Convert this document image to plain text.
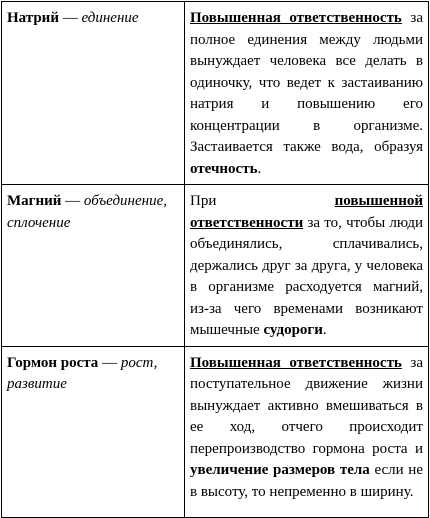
Натрий — единение	Повышенная ответственность за полное единения между людьми вынуждает человека все делать в одиночку, что ведет к застаиванию натрия и повышению его концентрации в организме. Застаивается также вода, образуя отечность.
Магний — объединение, сплочение	При повышенной ответственности за то, чтобы люди объединялись, сплачивались, держались друг за друга, у человека в организме расходуется магний, из-за чего временами возникают мышечные судороги.
Гормон роста — рост, развитие	Повышенная ответственность за поступательное движение жизни вынуждает активно вмешиваться в ее ход, отчего происходит перепроизводство гормона роста и увеличение размеров тела если не в высоту, то непременно в ширину.
